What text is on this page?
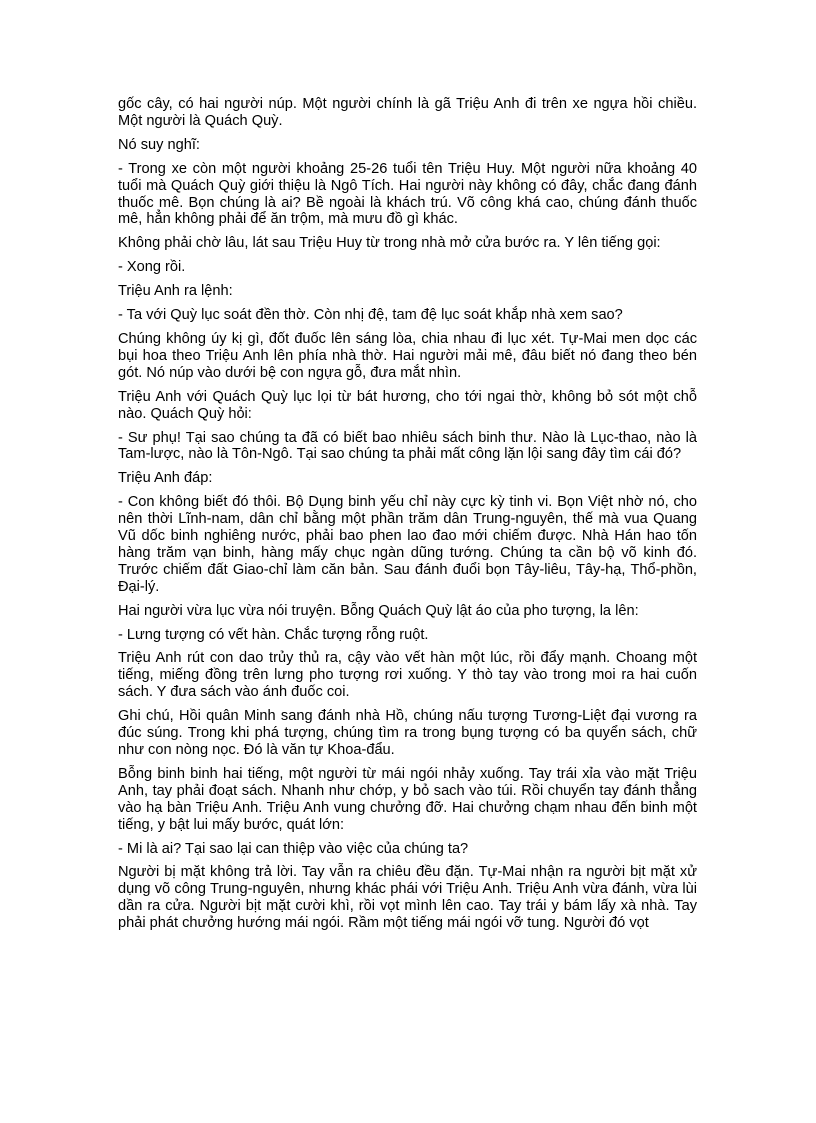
gốc cây, có hai người núp. Một người chính là gã Triệu Anh đi trên xe ngựa hồi chiều. Một người là Quách Quỳ.

Nó suy nghĩ:

- Trong xe còn một người khoảng 25-26 tuổi tên Triệu Huy. Một người nữa khoảng 40 tuổi mà Quách Quỳ giới thiệu là Ngô Tích. Hai người này không có đây, chắc đang đánh thuốc mê. Bọn chúng là ai? Bề ngoài là khách trú. Võ công khá cao, chúng đánh thuốc mê, hẳn không phải để ăn trộm, mà mưu đồ gì khác.

Không phải chờ lâu, lát sau Triệu Huy từ trong nhà mở cửa bước ra. Y lên tiếng gọi:

- Xong rồi.

Triệu Anh ra lệnh:

- Ta với Quỳ lục soát đền thờ. Còn nhị đệ, tam đệ lục soát khắp nhà xem sao?

Chúng không úy kị gì, đốt đuốc lên sáng lòa, chia nhau đi lục xét. Tự-Mai men dọc các bụi hoa theo Triệu Anh lên phía nhà thờ. Hai người mải mê, đâu biết nó đang theo bén gót. Nó núp vào dưới bệ con ngựa gỗ, đưa mắt nhìn.

Triệu Anh với Quách Quỳ lục lọi từ bát hương, cho tới ngai thờ, không bỏ sót một chỗ nào. Quách Quỳ hỏi:

- Sư phụ! Tại sao chúng ta đã có biết bao nhiêu sách binh thư. Nào là Lục-thao, nào là Tam-lược, nào là Tôn-Ngô. Tại sao chúng ta phải mất công lặn lội sang đây tìm cái đó?

Triệu Anh đáp:

- Con không biết đó thôi. Bộ Dụng binh yếu chỉ này cực kỳ tinh vi. Bọn Việt nhờ nó, cho nên thời Lĩnh-nam, dân chỉ bằng một phần trăm dân Trung-nguyên, thế mà vua Quang Vũ dốc binh nghiêng nước, phải bao phen lao đao mới chiếm được. Nhà Hán hao tốn hàng trăm vạn binh, hàng mấy chục ngàn dũng tướng. Chúng ta cần bộ võ kinh đó. Trước chiếm đất Giao-chỉ làm căn bản. Sau đánh đuổi bọn Tây-liêu, Tây-hạ, Thổ-phồn, Đại-lý.

Hai người vừa lục vừa nói truyện. Bỗng Quách Quỳ lật áo của pho tượng, la lên:

- Lưng tượng có vết hàn. Chắc tượng rỗng ruột.

Triệu Anh rút con dao trủy thủ ra, cậy vào vết hàn một lúc, rồi đẩy mạnh. Choang một tiếng, miếng đồng trên lưng pho tượng rơi xuống. Y thò tay vào trong moi ra hai cuốn sách. Y đưa sách vào ánh đuốc coi.

Ghi chú, Hồi quân Minh sang đánh nhà Hồ, chúng nấu tượng Tương-Liệt đại vương ra đúc súng. Trong khi phá tượng, chúng tìm ra trong bụng tượng có ba quyển sách, chữ như con nòng nọc. Đó là văn tự Khoa-đẩu.

Bỗng binh binh hai tiếng, một người từ mái ngói nhảy xuống. Tay trái xỉa vào mặt Triệu Anh, tay phải đoạt sách. Nhanh như chớp, y bỏ sach vào túi. Rồi chuyển tay đánh thẳng vào hạ bàn Triệu Anh. Triệu Anh vung chưởng đỡ. Hai chưởng chạm nhau đến binh một tiếng, y bật lui mấy bước, quát lớn:

- Mi là ai? Tại sao lại can thiệp vào việc của chúng ta?

Người bị mặt không trả lời. Tay vẫn ra chiêu đều đặn. Tự-Mai nhận ra người bịt mặt xử dụng võ công Trung-nguyên, nhưng khác phái với Triệu Anh. Triệu Anh vừa đánh, vừa lùi dần ra cửa. Người bịt mặt cười khì, rồi vọt mình lên cao. Tay trái y bám lấy xà nhà. Tay phải phát chưởng hướng mái ngói. Rầm một tiếng mái ngói vỡ tung. Người đó vọt
